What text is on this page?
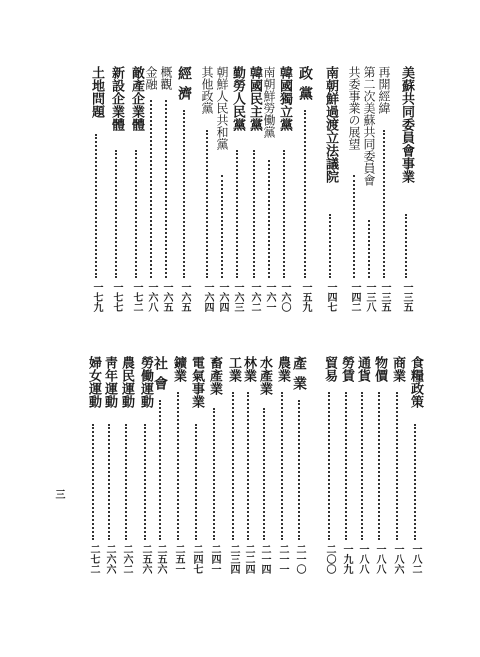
美蘇共同委員會事業
一三五
再開經緯
一三五
第二次美蘇共同委員會
一三八
共委事業の展望
一四二
南朝鮮過渡立法議院
一四七
政黨
一五九
韓國獨立黨
一六〇
南朝鮮勞働黨
一六一
韓國民主黨
一六二
勤勞人民黨
一六三
朝鮮人民共和黨
一六四
其他政黨
一六四
經濟
一六五
概觀
一六五
金融
一六八
敵產企業體
一七二
新設企業體
一七七
土地問題
一七九
食糧政策
一八二
商業
一八六
物價
一八八
通貨
一八八
勞賃
一九九
貿易
二〇〇
產業
二一〇
農業
二一一
水產業
二一四
林業
二二四
工業
二三四
畜產業
二四一
電氣事業
二四七
鑛業
二五一
社會
二五六
勞働運動
二五六
農民運動
二六二
靑年運動
二六六
婦女運動
二七二
三
